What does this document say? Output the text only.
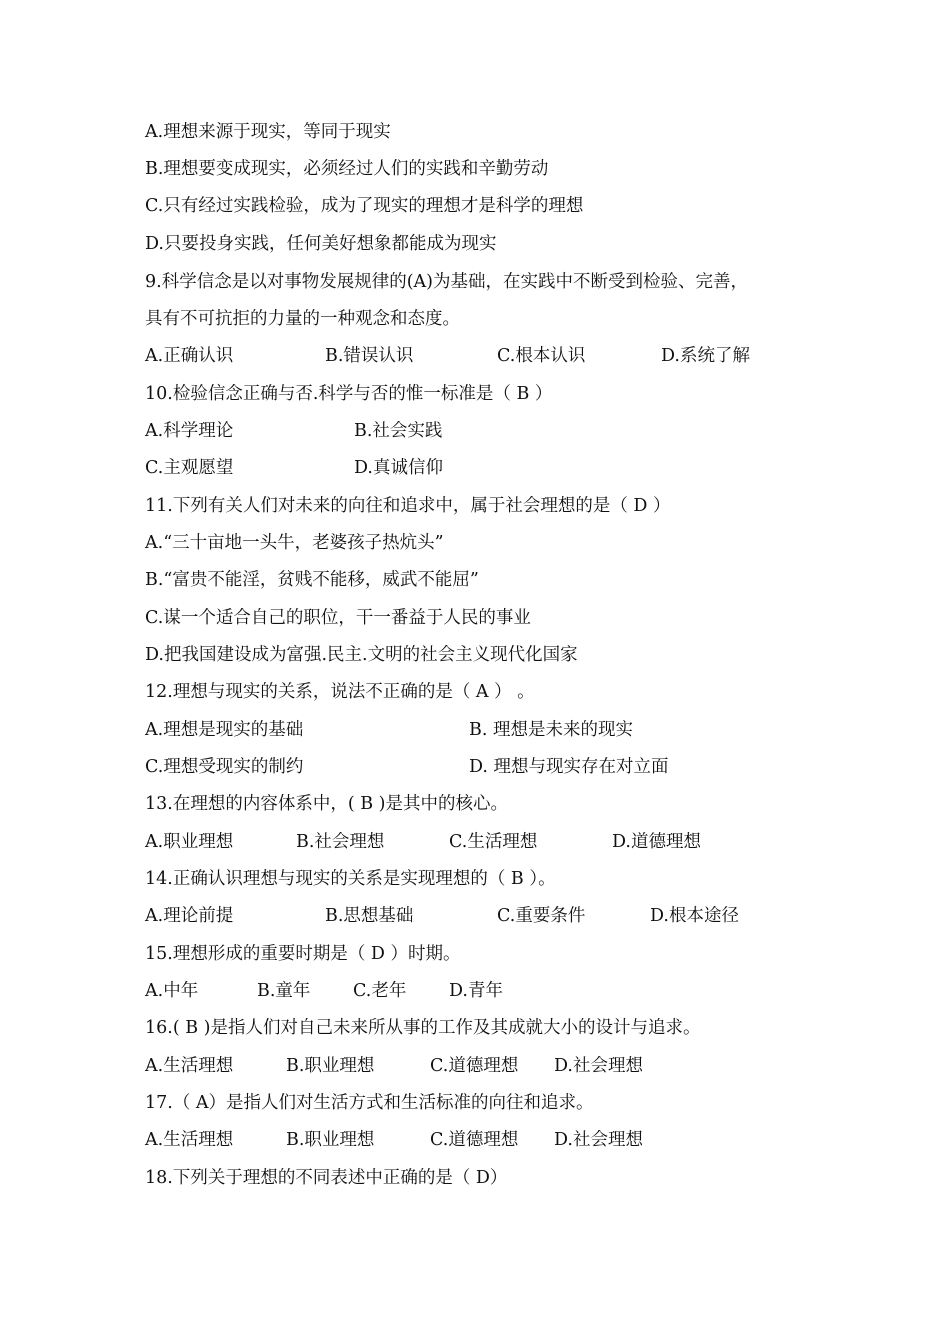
A.理想来源于现实，等同于现实
B.理想要变成现实，必须经过人们的实践和辛勤劳动
C.只有经过实践检验，成为了现实的理想才是科学的理想
D.只要投身实践，任何美好想象都能成为现实
9.科学信念是以对事物发展规律的(A)为基础，在实践中不断受到检验、完善，
具有不可抗拒的力量的一种观念和态度。
A.正确认识	B.错误认识	C.根本认识	D.系统了解
10.检验信念正确与否.科学与否的惟一标准是（ B ）
A.科学理论	B.社会实践
C.主观愿望	D.真诚信仰
11.下列有关人们对未来的向往和追求中，属于社会理想的是（ D ）
A.“三十亩地一头牛，老婆孩子热炕头”
B.“富贵不能淫，贫贱不能移，威武不能屈”
C.谋一个适合自己的职位，干一番益于人民的事业
D.把我国建设成为富强.民主.文明的社会主义现代化国家
12.理想与现实的关系，说法不正确的是（ A ） 。
A.理想是现实的基础	B. 理想是未来的现实
C.理想受现实的制约	D. 理想与现实存在对立面
13.在理想的内容体系中，( B )是其中的核心。
A.职业理想	B.社会理想	C.生活理想	D.道德理想
14.正确认识理想与现实的关系是实现理想的（ B ）。
A.理论前提	B.思想基础	C.重要条件	D.根本途径
15.理想形成的重要时期是（ D ）时期。
A.中年	B.童年 C.老年 D.青年
16.( B )是指人们对自己未来所从事的工作及其成就大小的设计与追求。
A.生活理想	B.职业理想	C.道德理想 D.社会理想
17.（ A）是指人们对生活方式和生活标准的向往和追求。
A.生活理想	B.职业理想	C.道德理想 D.社会理想
18.下列关于理想的不同表述中正确的是（ D）
